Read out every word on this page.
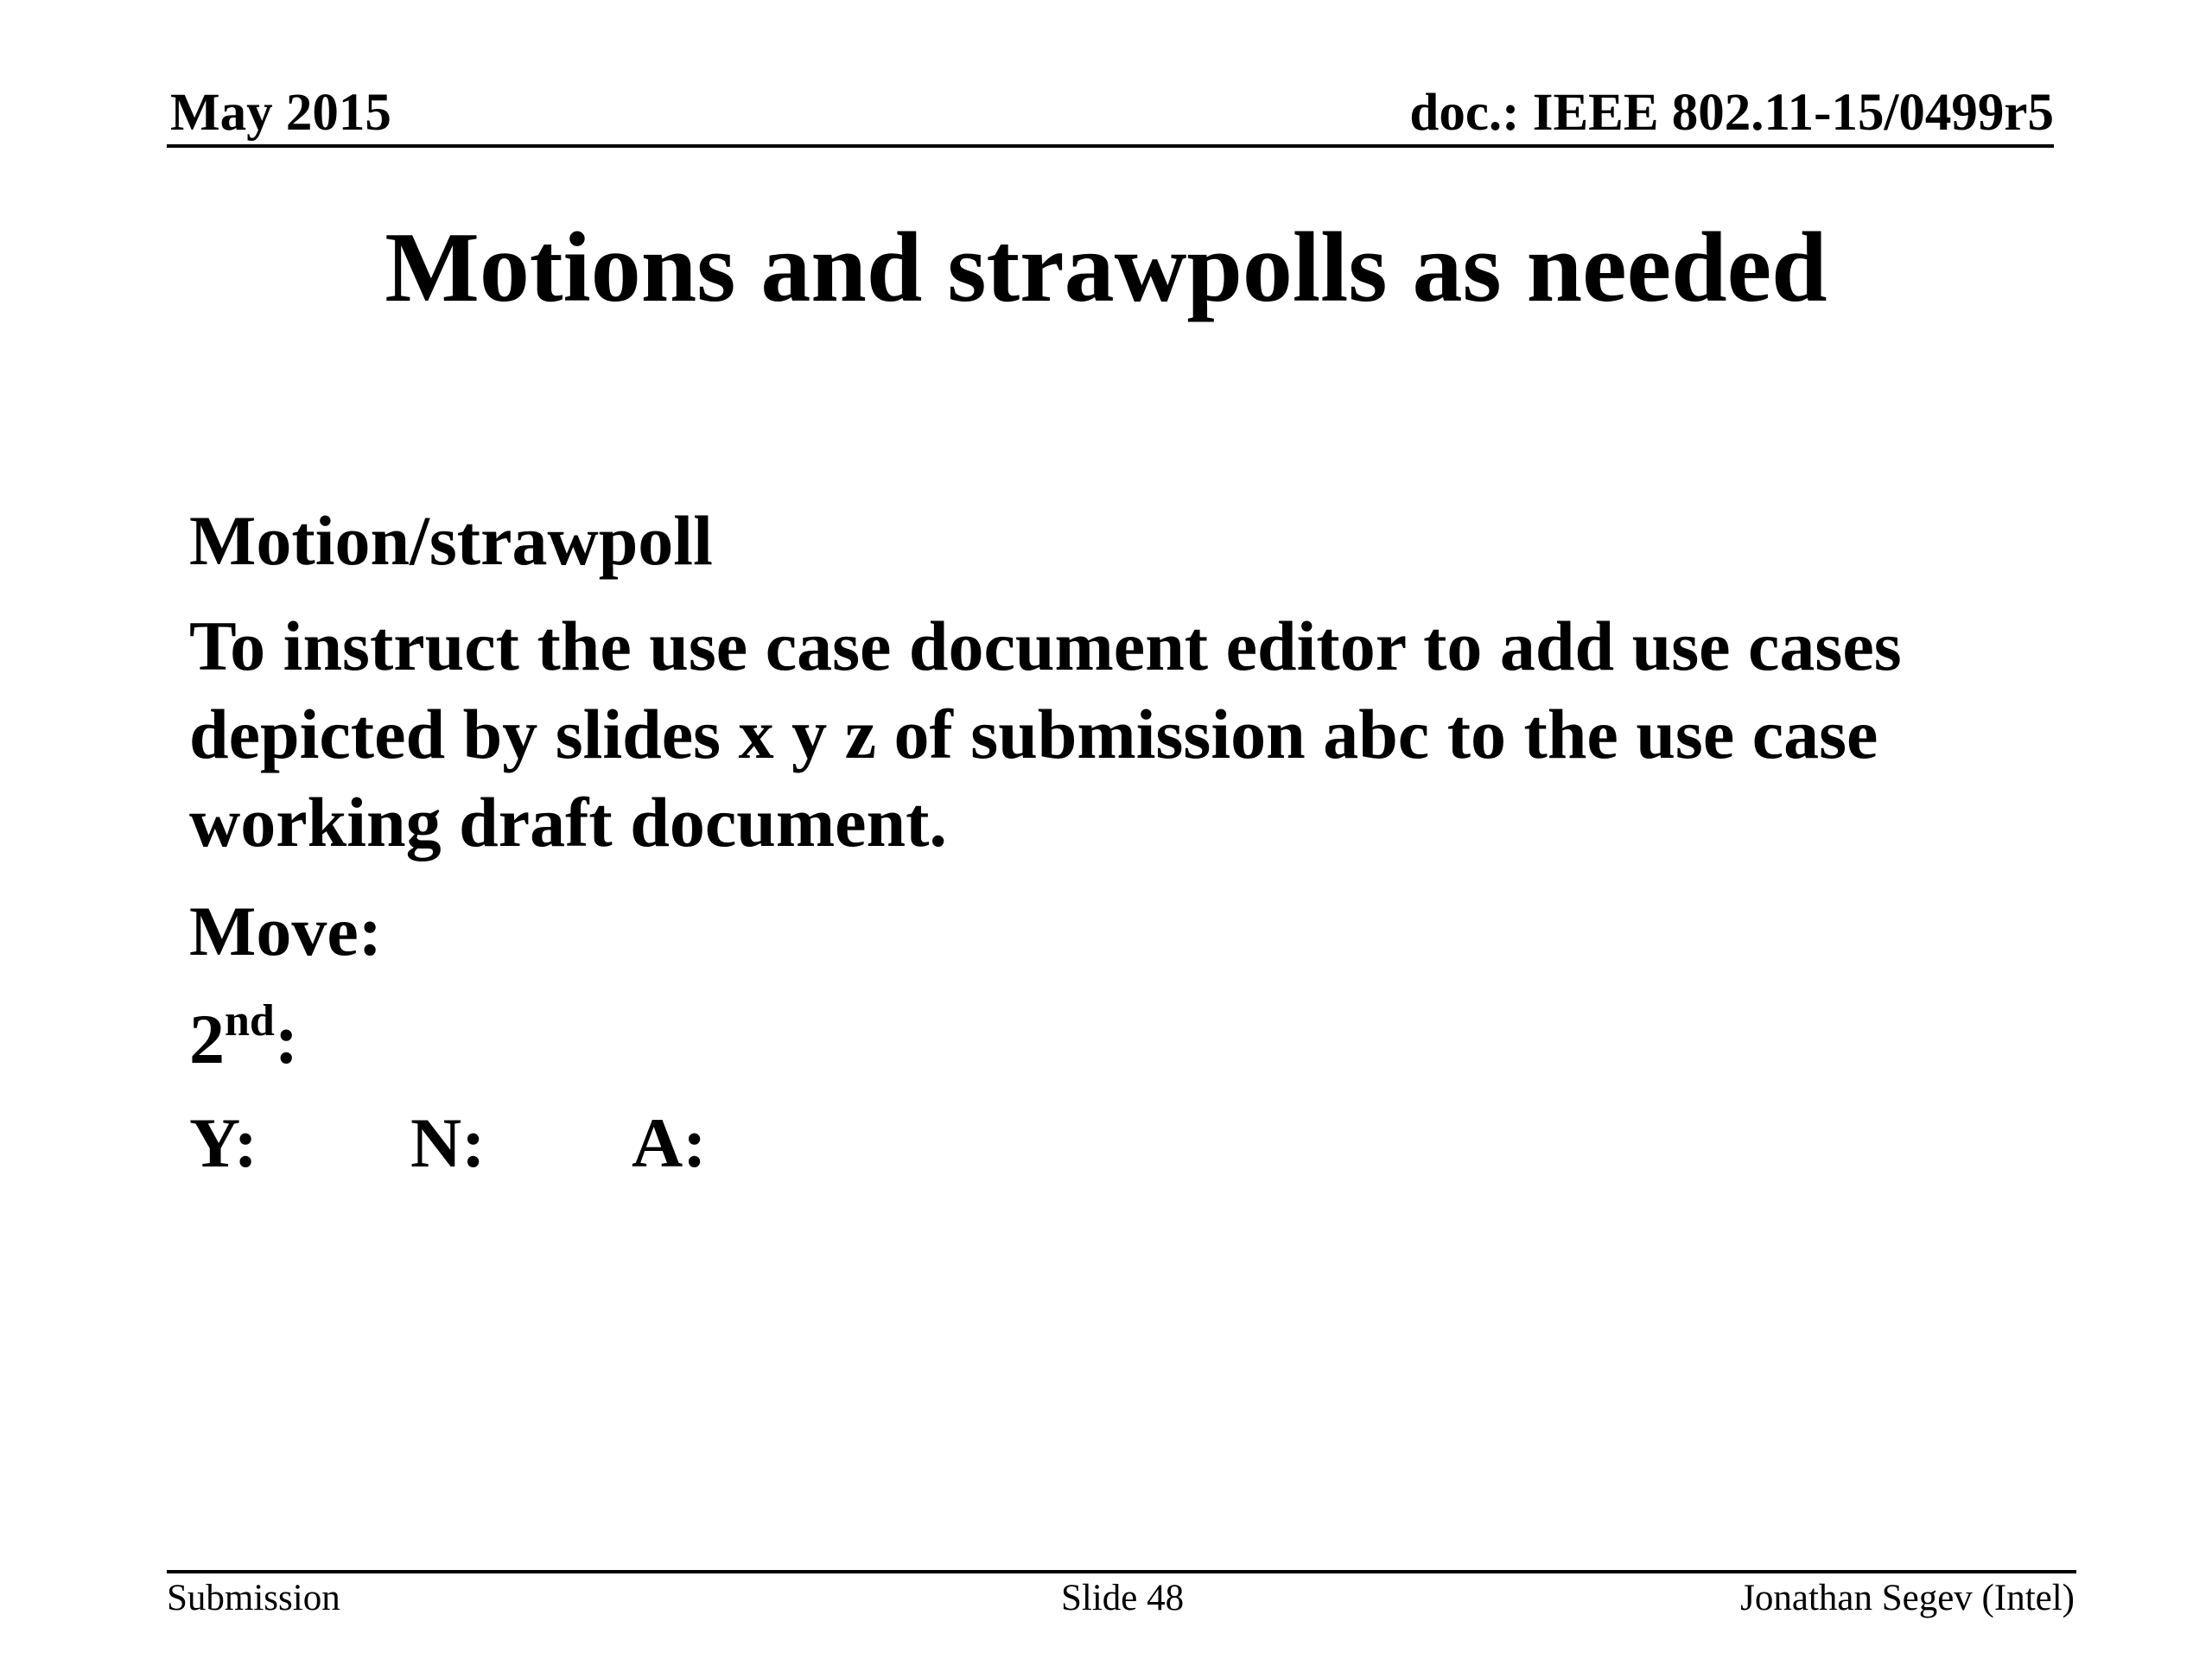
May 2015	doc.: IEEE 802.11-15/0499r5
Motions and strawpolls as needed
Motion/strawpoll
To instruct the use case document editor to add use cases depicted by slides x y z of submission abc to the use case working draft document.
Move:
2nd:
Y: N: A:
Submission	Slide 48	Jonathan Segev (Intel)
